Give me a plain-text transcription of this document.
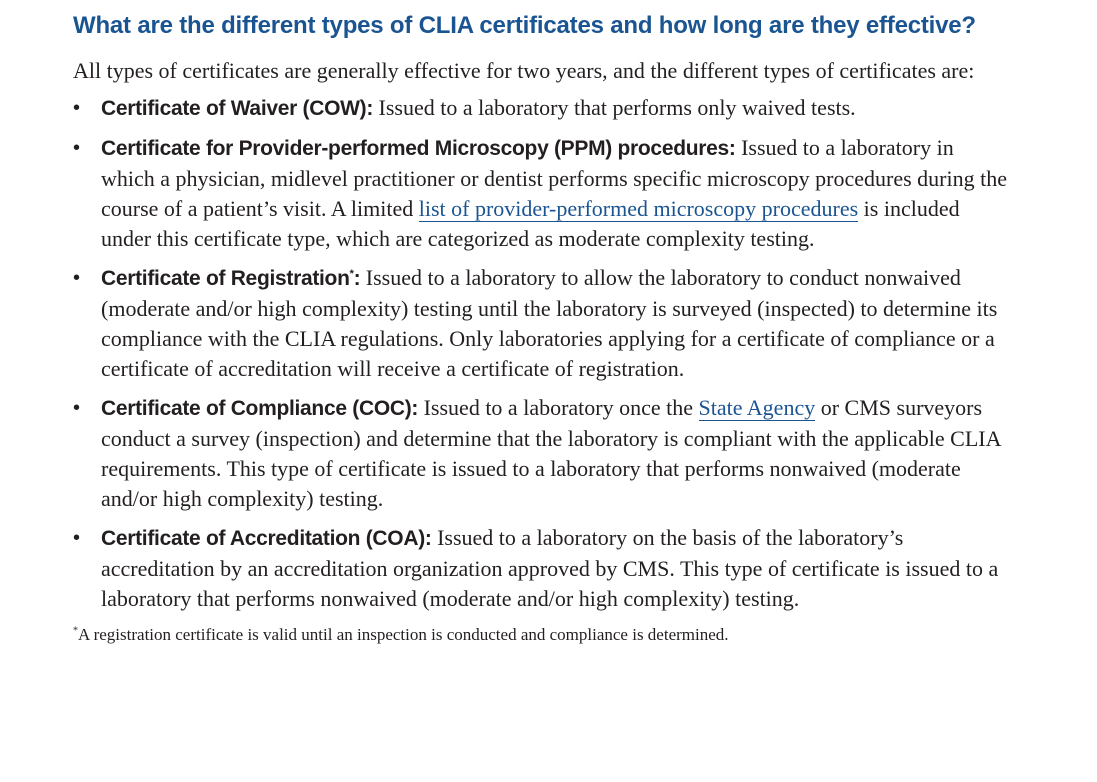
What are the different types of CLIA certificates and how long are they effective?

All types of certificates are generally effective for two years, and the different types of certificates are:

• Certificate of Waiver (COW): Issued to a laboratory that performs only waived tests.
• Certificate for Provider-performed Microscopy (PPM) procedures: Issued to a laboratory in which a physician, midlevel practitioner or dentist performs specific microscopy procedures during the course of a patient’s visit. A limited list of provider-performed microscopy procedures is included under this certificate type, which are categorized as moderate complexity testing.
• Certificate of Registration*: Issued to a laboratory to allow the laboratory to conduct nonwaived (moderate and/or high complexity) testing until the laboratory is surveyed (inspected) to determine its compliance with the CLIA regulations. Only laboratories applying for a certificate of compliance or a certificate of accreditation will receive a certificate of registration.
• Certificate of Compliance (COC): Issued to a laboratory once the State Agency or CMS surveyors conduct a survey (inspection) and determine that the laboratory is compliant with the applicable CLIA requirements. This type of certificate is issued to a laboratory that performs nonwaived (moderate and/or high complexity) testing.
• Certificate of Accreditation (COA): Issued to a laboratory on the basis of the laboratory’s accreditation by an accreditation organization approved by CMS. This type of certificate is issued to a laboratory that performs nonwaived (moderate and/or high complexity) testing.
*A registration certificate is valid until an inspection is conducted and compliance is determined.
